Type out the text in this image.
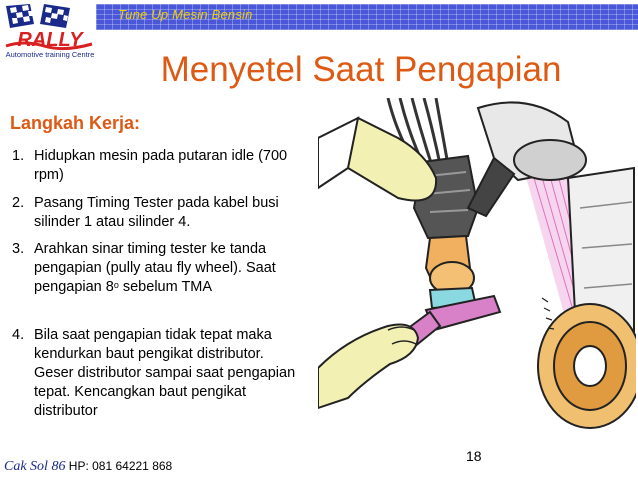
Tune Up Mesin Bensin
RALLY
Automotive training Centre	Menyetel Saat Pengapian
Langkah Kerja:
1. Hidupkan mesin pada putaran idle (700 rpm)
2. Pasang Timing Tester pada kabel busi silinder 1 atau silinder 4.
3. Arahkan sinar timing tester ke tanda pengapian (pully atau fly wheel). Saat pengapian 8$^o$ sebelum TMA
4. Bila saat pengapian tidak tepat maka kendurkan baut pengikat distributor. Geser distributor sampai saat pengapian tepat. Kencangkan baut pengikat distributor
18
Cak Sol 86 HP: 081 64221 868
